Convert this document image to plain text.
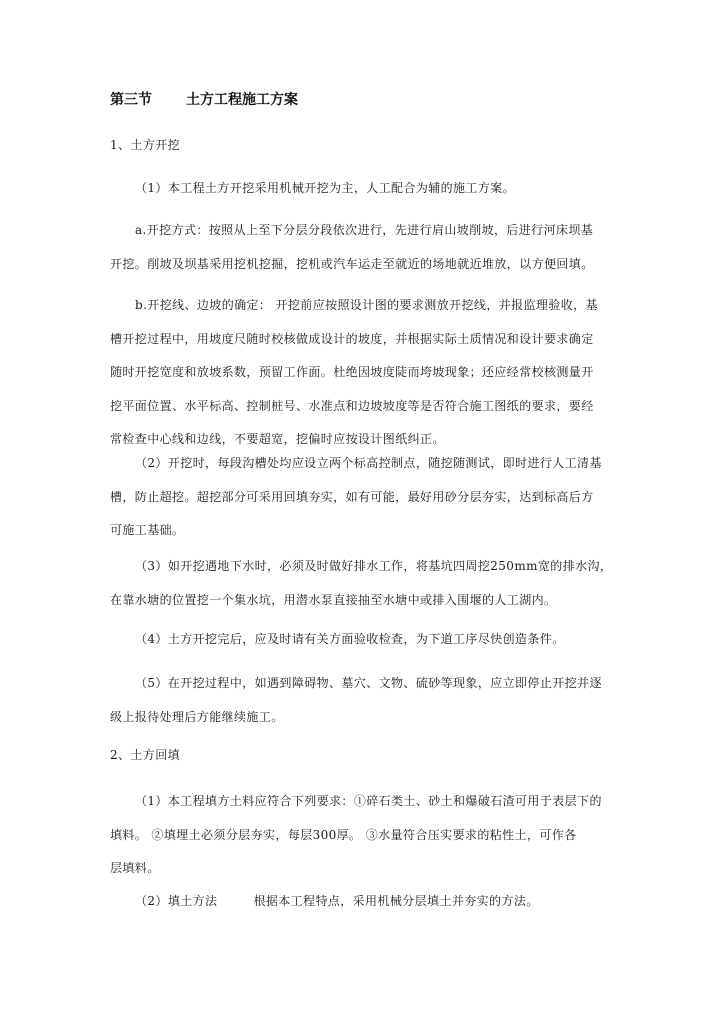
第三节 土方工程施工方案
1、土方开挖
（1）本工程土方开挖采用机械开挖为主，人工配合为辅的施工方案。
a.开挖方式：按照从上至下分层分段依次进行，先进行肩山坡削坡，后进行河床坝基
开挖。削坡及坝基采用挖机挖掘，挖机或汽车运走至就近的场地就近堆放，以方便回填。
b.开挖线、边坡的确定： 开挖前应按照设计图的要求测放开挖线，并报监理验收，基
槽开挖过程中，用坡度尺随时校核做成设计的坡度，并根据实际土质情况和设计要求确定
随时开挖宽度和放坡系数，预留工作面。杜绝因坡度陡而垮坡现象；还应经常校核测量开
挖平面位置、水平标高、控制桩号、水准点和边坡坡度等是否符合施工图纸的要求，要经
常检查中心线和边线，不要超宽，挖偏时应按设计图纸纠正。
（2）开挖时，每段沟槽处均应设立两个标高控制点，随挖随测试，即时进行人工清基
槽，防止超挖。超挖部分可采用回填夯实，如有可能，最好用砂分层夯实，达到标高后方
可施工基础。
（3）如开挖遇地下水时，必须及时做好排水工作，将基坑四周挖250mm宽的排水沟，
在靠水塘的位置挖一个集水坑，用潜水泵直接抽至水塘中或排入围堰的人工湖内。
（4）土方开挖完后，应及时请有关方面验收检查，为下道工序尽快创造条件。
（5）在开挖过程中，如遇到障碍物、墓穴、文物、硫砂等现象，应立即停止开挖并逐
级上报待处理后方能继续施工。
2、土方回填
（1）本工程填方土料应符合下列要求：①碎石类土、砂土和爆破石渣可用于表层下的
填料。 ②填埋土必须分层夯实，每层300厚。 ③水量符合压实要求的粘性土，可作各
层填料。
（2）填土方法	根据本工程特点，采用机械分层填土并夯实的方法。
